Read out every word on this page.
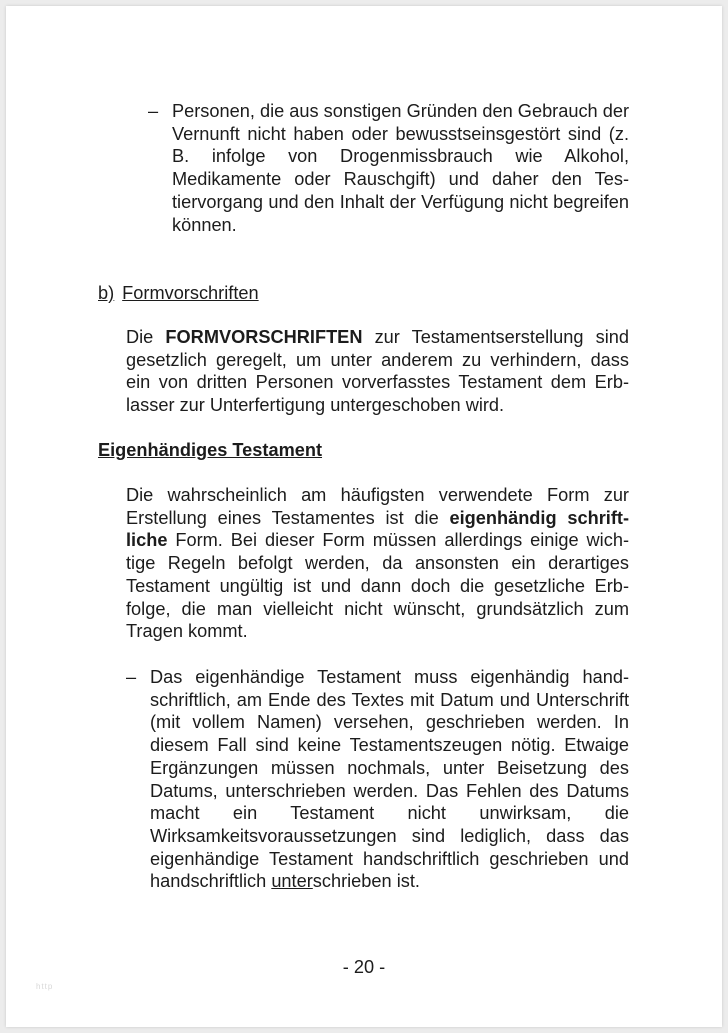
– Personen, die aus sonstigen Gründen den Gebrauch der Vernunft nicht haben oder bewusstseinsgestört sind (z. B. infolge von Drogenmissbrauch wie Alkohol, Medikamente oder Rauschgift) und daher den Testiervorgang und den Inhalt der Verfügung nicht begreifen können.
b) Formvorschriften
Die FORMVORSCHRIFTEN zur Testamentserstellung sind gesetzlich geregelt, um unter anderem zu verhindern, dass ein von dritten Personen vorverfasstes Testament dem Erblasser zur Unterfertigung untergeschoben wird.
Eigenhändiges Testament
Die wahrscheinlich am häufigsten verwendete Form zur Erstellung eines Testamentes ist die eigenhändig schriftliche Form. Bei dieser Form müssen allerdings einige wichtige Regeln befolgt werden, da ansonsten ein derartiges Testament ungültig ist und dann doch die gesetzliche Erbfolge, die man vielleicht nicht wünscht, grundsätzlich zum Tragen kommt.
– Das eigenhändige Testament muss eigenhändig handschriftlich, am Ende des Textes mit Datum und Unterschrift (mit vollem Namen) versehen, geschrieben werden. In diesem Fall sind keine Testamentszeugen nötig. Etwaige Ergänzungen müssen nochmals, unter Beisetzung des Datums, unterschrieben werden. Das Fehlen des Datums macht ein Testament nicht unwirksam, die Wirksamkeitsvoraussetzungen sind lediglich, dass das eigenhändige Testament handschriftlich geschrieben und handschriftlich unterschrieben ist.
- 20 -
http
